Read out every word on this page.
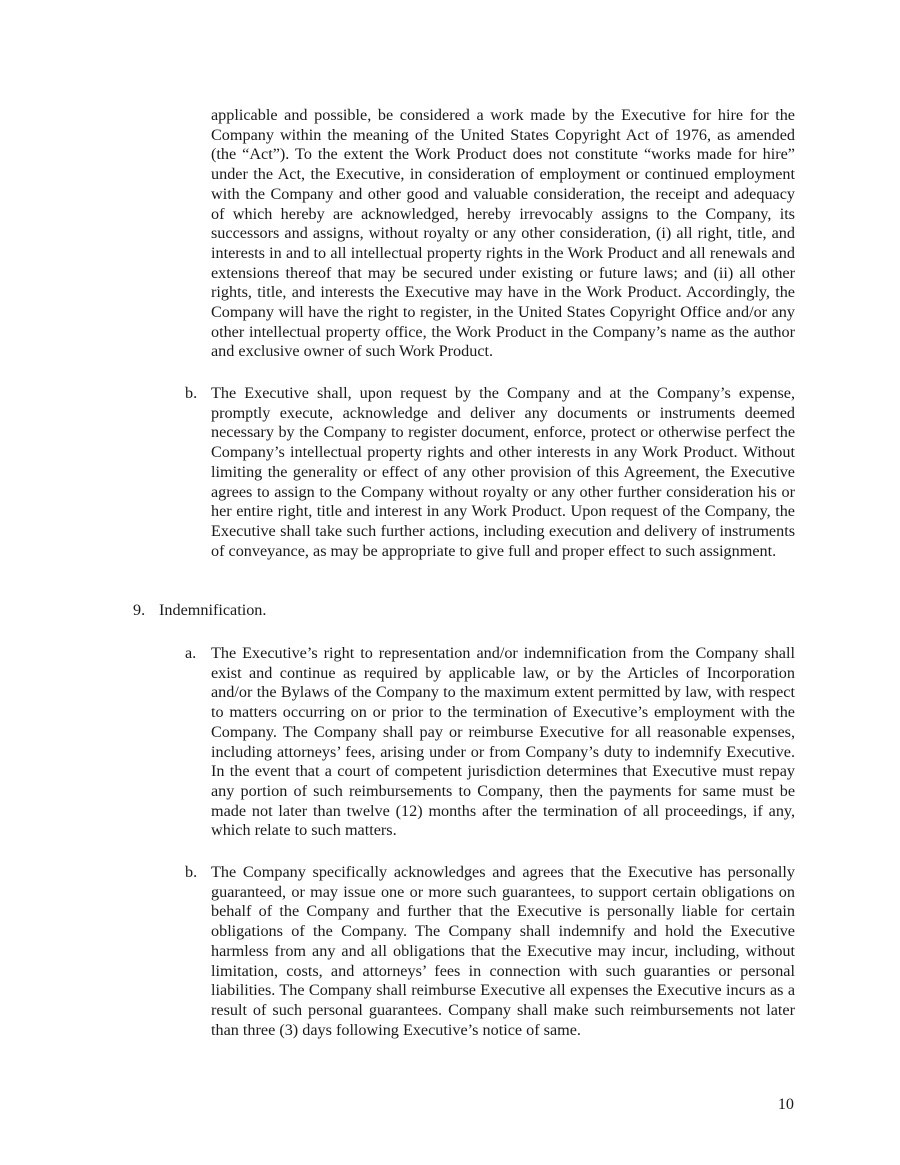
applicable and possible, be considered a work made by the Executive for hire for the Company within the meaning of the United States Copyright Act of 1976, as amended (the “Act”). To the extent the Work Product does not constitute “works made for hire” under the Act, the Executive, in consideration of employment or continued employment with the Company and other good and valuable consideration, the receipt and adequacy of which hereby are acknowledged, hereby irrevocably assigns to the Company, its successors and assigns, without royalty or any other consideration, (i) all right, title, and interests in and to all intellectual property rights in the Work Product and all renewals and extensions thereof that may be secured under existing or future laws; and (ii) all other rights, title, and interests the Executive may have in the Work Product. Accordingly, the Company will have the right to register, in the United States Copyright Office and/or any other intellectual property office, the Work Product in the Company’s name as the author and exclusive owner of such Work Product.

b. The Executive shall, upon request by the Company and at the Company’s expense, promptly execute, acknowledge and deliver any documents or instruments deemed necessary by the Company to register document, enforce, protect or otherwise perfect the Company’s intellectual property rights and other interests in any Work Product. Without limiting the generality or effect of any other provision of this Agreement, the Executive agrees to assign to the Company without royalty or any other further consideration his or her entire right, title and interest in any Work Product. Upon request of the Company, the Executive shall take such further actions, including execution and delivery of instruments of conveyance, as may be appropriate to give full and proper effect to such assignment.

9. Indemnification.
a. The Executive’s right to representation and/or indemnification from the Company shall exist and continue as required by applicable law, or by the Articles of Incorporation and/or the Bylaws of the Company to the maximum extent permitted by law, with respect to matters occurring on or prior to the termination of Executive’s employment with the Company. The Company shall pay or reimburse Executive for all reasonable expenses, including attorneys’ fees, arising under or from Company’s duty to indemnify Executive. In the event that a court of competent jurisdiction determines that Executive must repay any portion of such reimbursements to Company, then the payments for same must be made not later than twelve (12) months after the termination of all proceedings, if any, which relate to such matters.

b. The Company specifically acknowledges and agrees that the Executive has personally guaranteed, or may issue one or more such guarantees, to support certain obligations on behalf of the Company and further that the Executive is personally liable for certain obligations of the Company. The Company shall indemnify and hold the Executive harmless from any and all obligations that the Executive may incur, including, without limitation, costs, and attorneys’ fees in connection with such guaranties or personal liabilities. The Company shall reimburse Executive all expenses the Executive incurs as a result of such personal guarantees. Company shall make such reimbursements not later than three (3) days following Executive’s notice of same.

10
